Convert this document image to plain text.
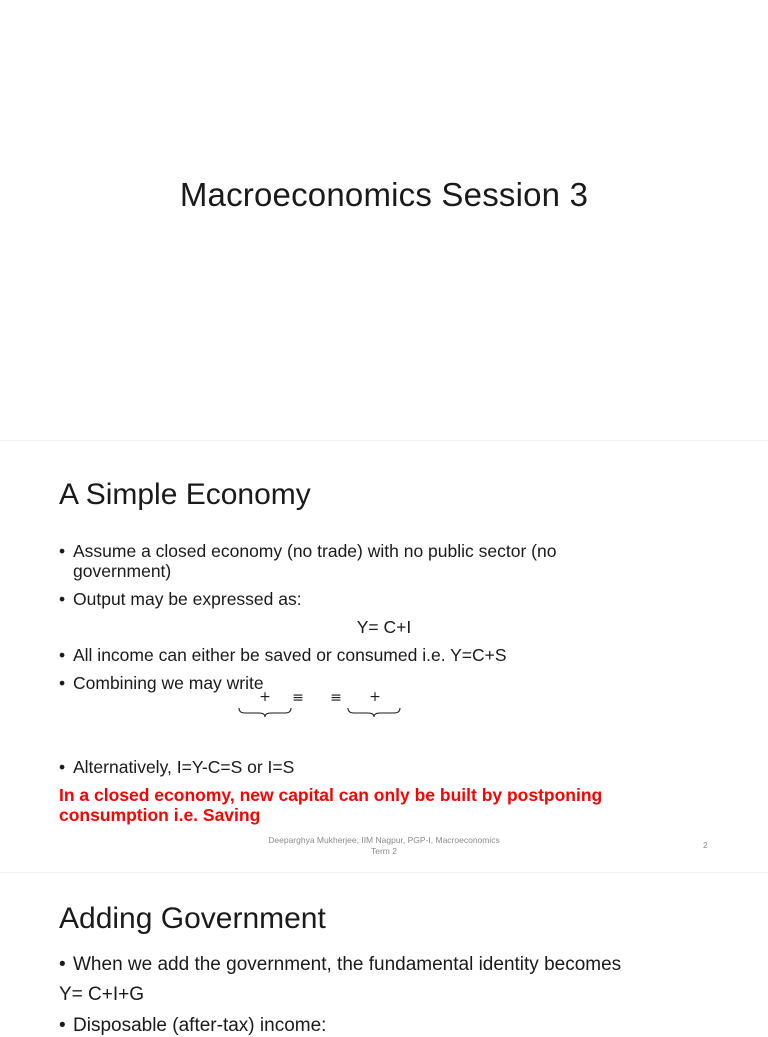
Macroeconomics Session 3
A Simple Economy
• Assume a closed economy (no trade) with no public sector (no
government)
• Output may be expressed as:
Y= C+I
• All income can either be saved or consumed i.e. Y=C+S
• Combining we may write
+ ≡ ≡ +
• Alternatively, I=Y-C=S or I=S
In a closed economy, new capital can only be built by postponing
consumption i.e. Saving
Deeparghya Mukherjee, IIM Nagpur, PGP-I, Macroeconomics
Term 2
2
Adding Government
• When we add the government, the fundamental identity becomes
Y= C+I+G
• Disposable (after-tax) income:
